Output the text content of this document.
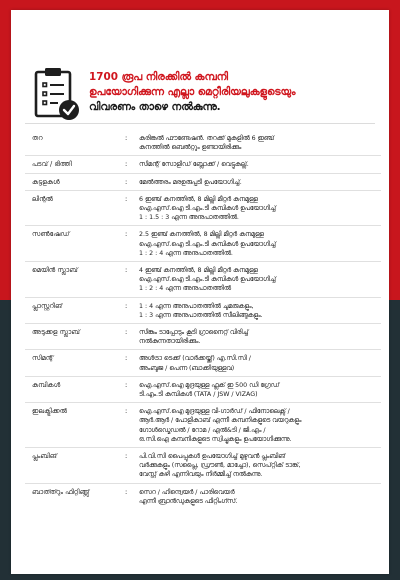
1700 രൂപ നിരക്കിൽ കമ്പനി
ഉപയോഗിക്കുന്ന എല്ലാ മെറ്റീരിയലുകളുടെയും
വിവരണം താഴെ നൽകുന്നു.
തറ	:	കരിങ്കൽ ഫൗണ്ടേഷൻ. തറക്ക് മുകളിൽ 6 ഇഞ്ച്
കനത്തിൽ ബെൽറ്റും ഉണ്ടായിരിക്കും
പടവ് / ഭിത്തി	:	സിമന്റ് സോളിഡ് ബ്ലോക്ക് / വെട്ടുകല്ല്.
കട്ടളകൾ	:	മേൽത്തരം മരഉരുപ്പടി ഉപയോഗിച്ച്.
ലിന്റൽ	:	6 ഇഞ്ച് കനത്തിൽ, 8 മില്ലി മീറ്റർ കനമുള്ള
ഐ.എസ്.ഐ ടി.എം.ടി കമ്പികൾ ഉപയോഗിച്ച്
1 : 1.5 : 3 എന്ന അനുപാതത്തിൽ.
സൺഷേഡ്	:	2.5 ഇഞ്ച് കനത്തിൽ, 8 മില്ലി മീറ്റർ കനമുള്ള
ഐ.എസ്.ഐ ടി.എം.ടി കമ്പികൾ ഉപയോഗിച്ച്
1 : 2 : 4 എന്ന അനുപാതത്തിൽ.
മെയിൻ സ്ലാബ്	:	4 ഇഞ്ച് കനത്തിൽ, 8 മില്ലി മീറ്റർ കനമുള്ള
ഐ.എസ്.ഐ ടി.എം.ടി കമ്പികൾ ഉപയോഗിച്ച്
1 : 2 : 4 എന്ന അനുപാതത്തിൽ
പ്ലാസ്റ്ററിങ്	:	1 : 4 എന്ന അനുപാതത്തിൽ ചുമരുകളും,
1 : 3 എന്ന അനുപാതത്തിൽ സീലിങ്ങുകളും.
അടുക്കള സ്ലാബ്	:	സിങ്കും ടാപ്പോടും കൂടി ഗ്രാനൈറ്റ് വിരിച്ച്
നൽകുന്നതായിരിക്കും.
സിമന്റ്	:	അൾട്രാ ടെക്ക് (വാർക്കയ്ക്ക്) എ.സി.സി /
അംബുജ / പെന്ന (ബാക്കിയുള്ളവ)
കമ്പികൾ	:	ഐ.എസ്.ഐ മുദ്രയുള്ള ഫ്ലക് ഇ 500 ഡി ഗ്രേഡ്
ടി.എം.ടി കമ്പികൾ (TATA / JSW / VIZAG)
ഇലക്ട്രിക്കൽ	:	ഐ.എസ്.ഐ മുദ്രയുള്ള വി-ഗാർഡ് / ഫിനോലെക്സ് /
ആർ.ആർ / പോളികാബ് എന്നീ കമ്പനികളുടെ വയറുകളും
ഗോൾഡ്മെഡൽ / റോമ / എൽ&ടി / ജി.എം /
ഒ.സി.ഐ കമ്പനികളുടെ സ്വിച്ചുകളും ഉപയോഗിക്കുന്നു.
പ്ലംബിങ്	:	പി.വി.സി പൈപ്പുകൾ ഉപയോഗിച്ച് മുഴുവൻ പ്ലംബിങ്
വർക്കുകളും (സപ്ലൈ, ഡ്രൗൺ, മാച്ചോ), സെപ്റ്റിക് ടാങ്ക്,
വേസ്റ്റ് കുഴി എന്നിവയും നിർമ്മിച്ച് നൽകുന്നു.
ബാത്ത്റും ഫിറ്റിങ്ങ്സ്	:	സെറ / ഹിന്ദ്വെയർ / പാരിവെയർ
എന്നീ ബ്രാൻഡുകളുടെ ഫിറ്റിംഗ്സ്.
